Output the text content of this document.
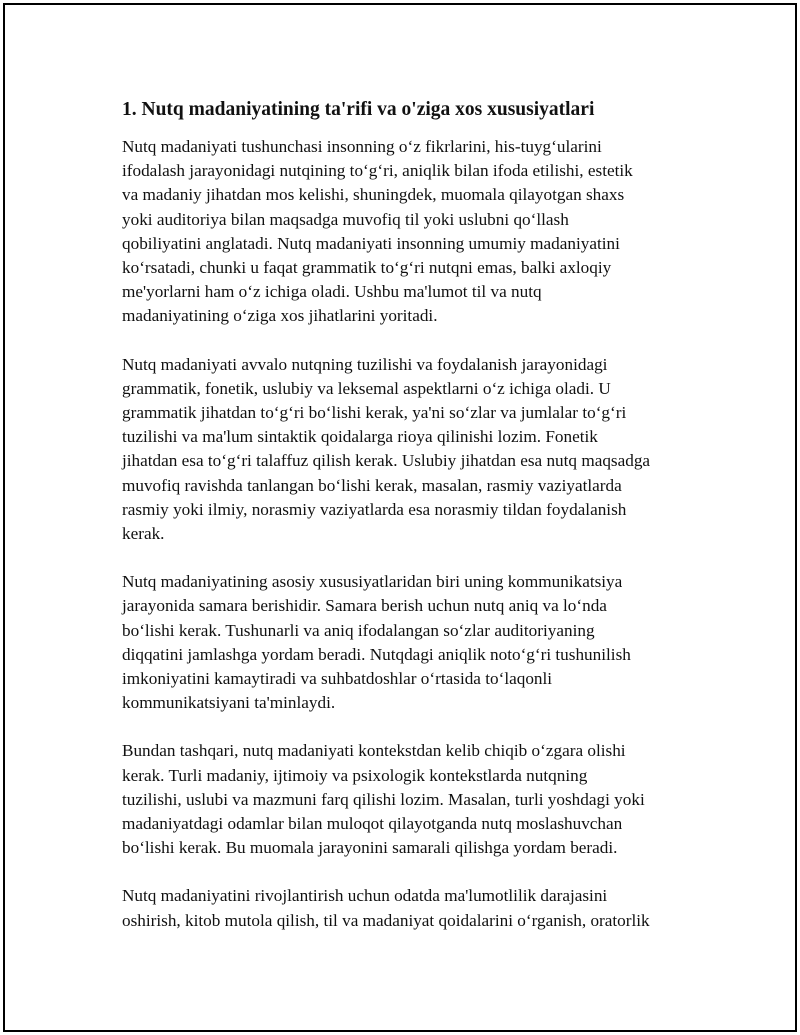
1. Nutq madaniyatining ta'rifi va o'ziga xos xususiyatlari

Nutq madaniyati tushunchasi insonning o‘z fikrlarini, his-tuyg‘ularini
ifodalash jarayonidagi nutqining to‘g‘ri, aniqlik bilan ifoda etilishi, estetik
va madaniy jihatdan mos kelishi, shuningdek, muomala qilayotgan shaxs
yoki auditoriya bilan maqsadga muvofiq til yoki uslubni qo‘llash
qobiliyatini anglatadi. Nutq madaniyati insonning umumiy madaniyatini
ko‘rsatadi, chunki u faqat grammatik to‘g‘ri nutqni emas, balki axloqiy
me'yorlarni ham o‘z ichiga oladi. Ushbu ma'lumot til va nutq
madaniyatining o‘ziga xos jihatlarini yoritadi.

Nutq madaniyati avvalo nutqning tuzilishi va foydalanish jarayonidagi
grammatik, fonetik, uslubiy va leksemal aspektlarni o‘z ichiga oladi. U
grammatik jihatdan to‘g‘ri bo‘lishi kerak, ya'ni so‘zlar va jumlalar to‘g‘ri
tuzilishi va ma'lum sintaktik qoidalarga rioya qilinishi lozim. Fonetik
jihatdan esa to‘g‘ri talaffuz qilish kerak. Uslubiy jihatdan esa nutq maqsadga
muvofiq ravishda tanlangan bo‘lishi kerak, masalan, rasmiy vaziyatlarda
rasmiy yoki ilmiy, norasmiy vaziyatlarda esa norasmiy tildan foydalanish
kerak.

Nutq madaniyatining asosiy xususiyatlaridan biri uning kommunikatsiya
jarayonida samara berishidir. Samara berish uchun nutq aniq va lo‘nda
bo‘lishi kerak. Tushunarli va aniq ifodalangan so‘zlar auditoriyaning
diqqatini jamlashga yordam beradi. Nutqdagi aniqlik noto‘g‘ri tushunilish
imkoniyatini kamaytiradi va suhbatdoshlar o‘rtasida to‘laqonli
kommunikatsiyani ta'minlaydi.

Bundan tashqari, nutq madaniyati kontekstdan kelib chiqib o‘zgara olishi
kerak. Turli madaniy, ijtimoiy va psixologik kontekstlarda nutqning
tuzilishi, uslubi va mazmuni farq qilishi lozim. Masalan, turli yoshdagi yoki
madaniyatdagi odamlar bilan muloqot qilayotganda nutq moslashuvchan
bo‘lishi kerak. Bu muomala jarayonini samarali qilishga yordam beradi.

Nutq madaniyatini rivojlantirish uchun odatda ma'lumotlilik darajasini
oshirish, kitob mutola qilish, til va madaniyat qoidalarini o‘rganish, oratorlik
